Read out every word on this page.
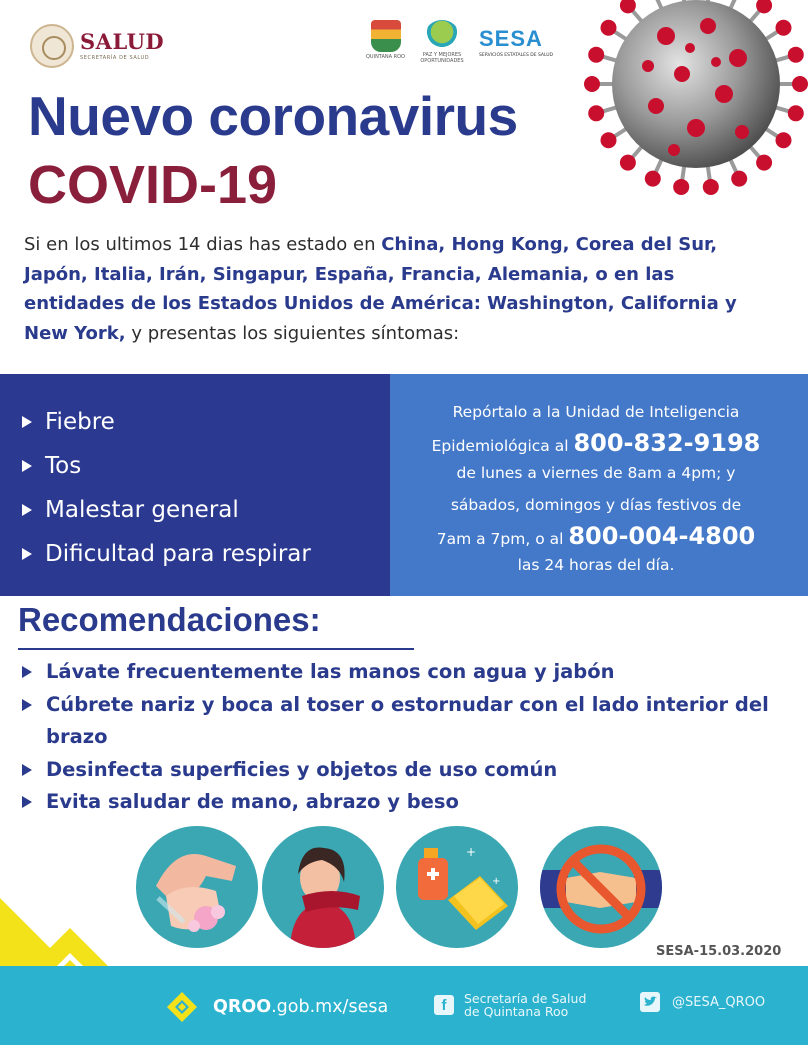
SALUD
SECRETARÍA DE SALUD	QUINTANA ROO	PAZ Y MEJORES OPORTUNIDADES
SESA
SERVICIOS ESTATALES DE SALUD
Nuevo coronavirus
COVID-19

Si en los ultimos 14 dias has estado en China, Hong Kong, Corea del Sur, Japón, Italia, Irán, Singapur, España, Francia, Alemania, o en las entidades de los Estados Unidos de América: Washington, California y New York, y presentas los siguientes síntomas:

Fiebre
Tos
Malestar general
Dificultad para respirar
Repórtalo a la Unidad de Inteligencia
Epidemiológica al 800-832-9198
de lunes a viernes de 8am a 4pm; y
sábados, domingos y días festivos de
7am a 7pm, o al 800-004-4800
las 24 horas del día.
Recomendaciones:
Lávate frecuentemente las manos con agua y jabón
Cúbrete nariz y boca al toser o estornudar con el lado interior del brazo
Desinfecta superficies y objetos de uso común
Evita saludar de mano, abrazo y beso
+
+
SESA-15.03.2020
QROO .gob.mx/sesa	f	Secretaría de Salud
de Quintana Roo
@SESA_QROO
